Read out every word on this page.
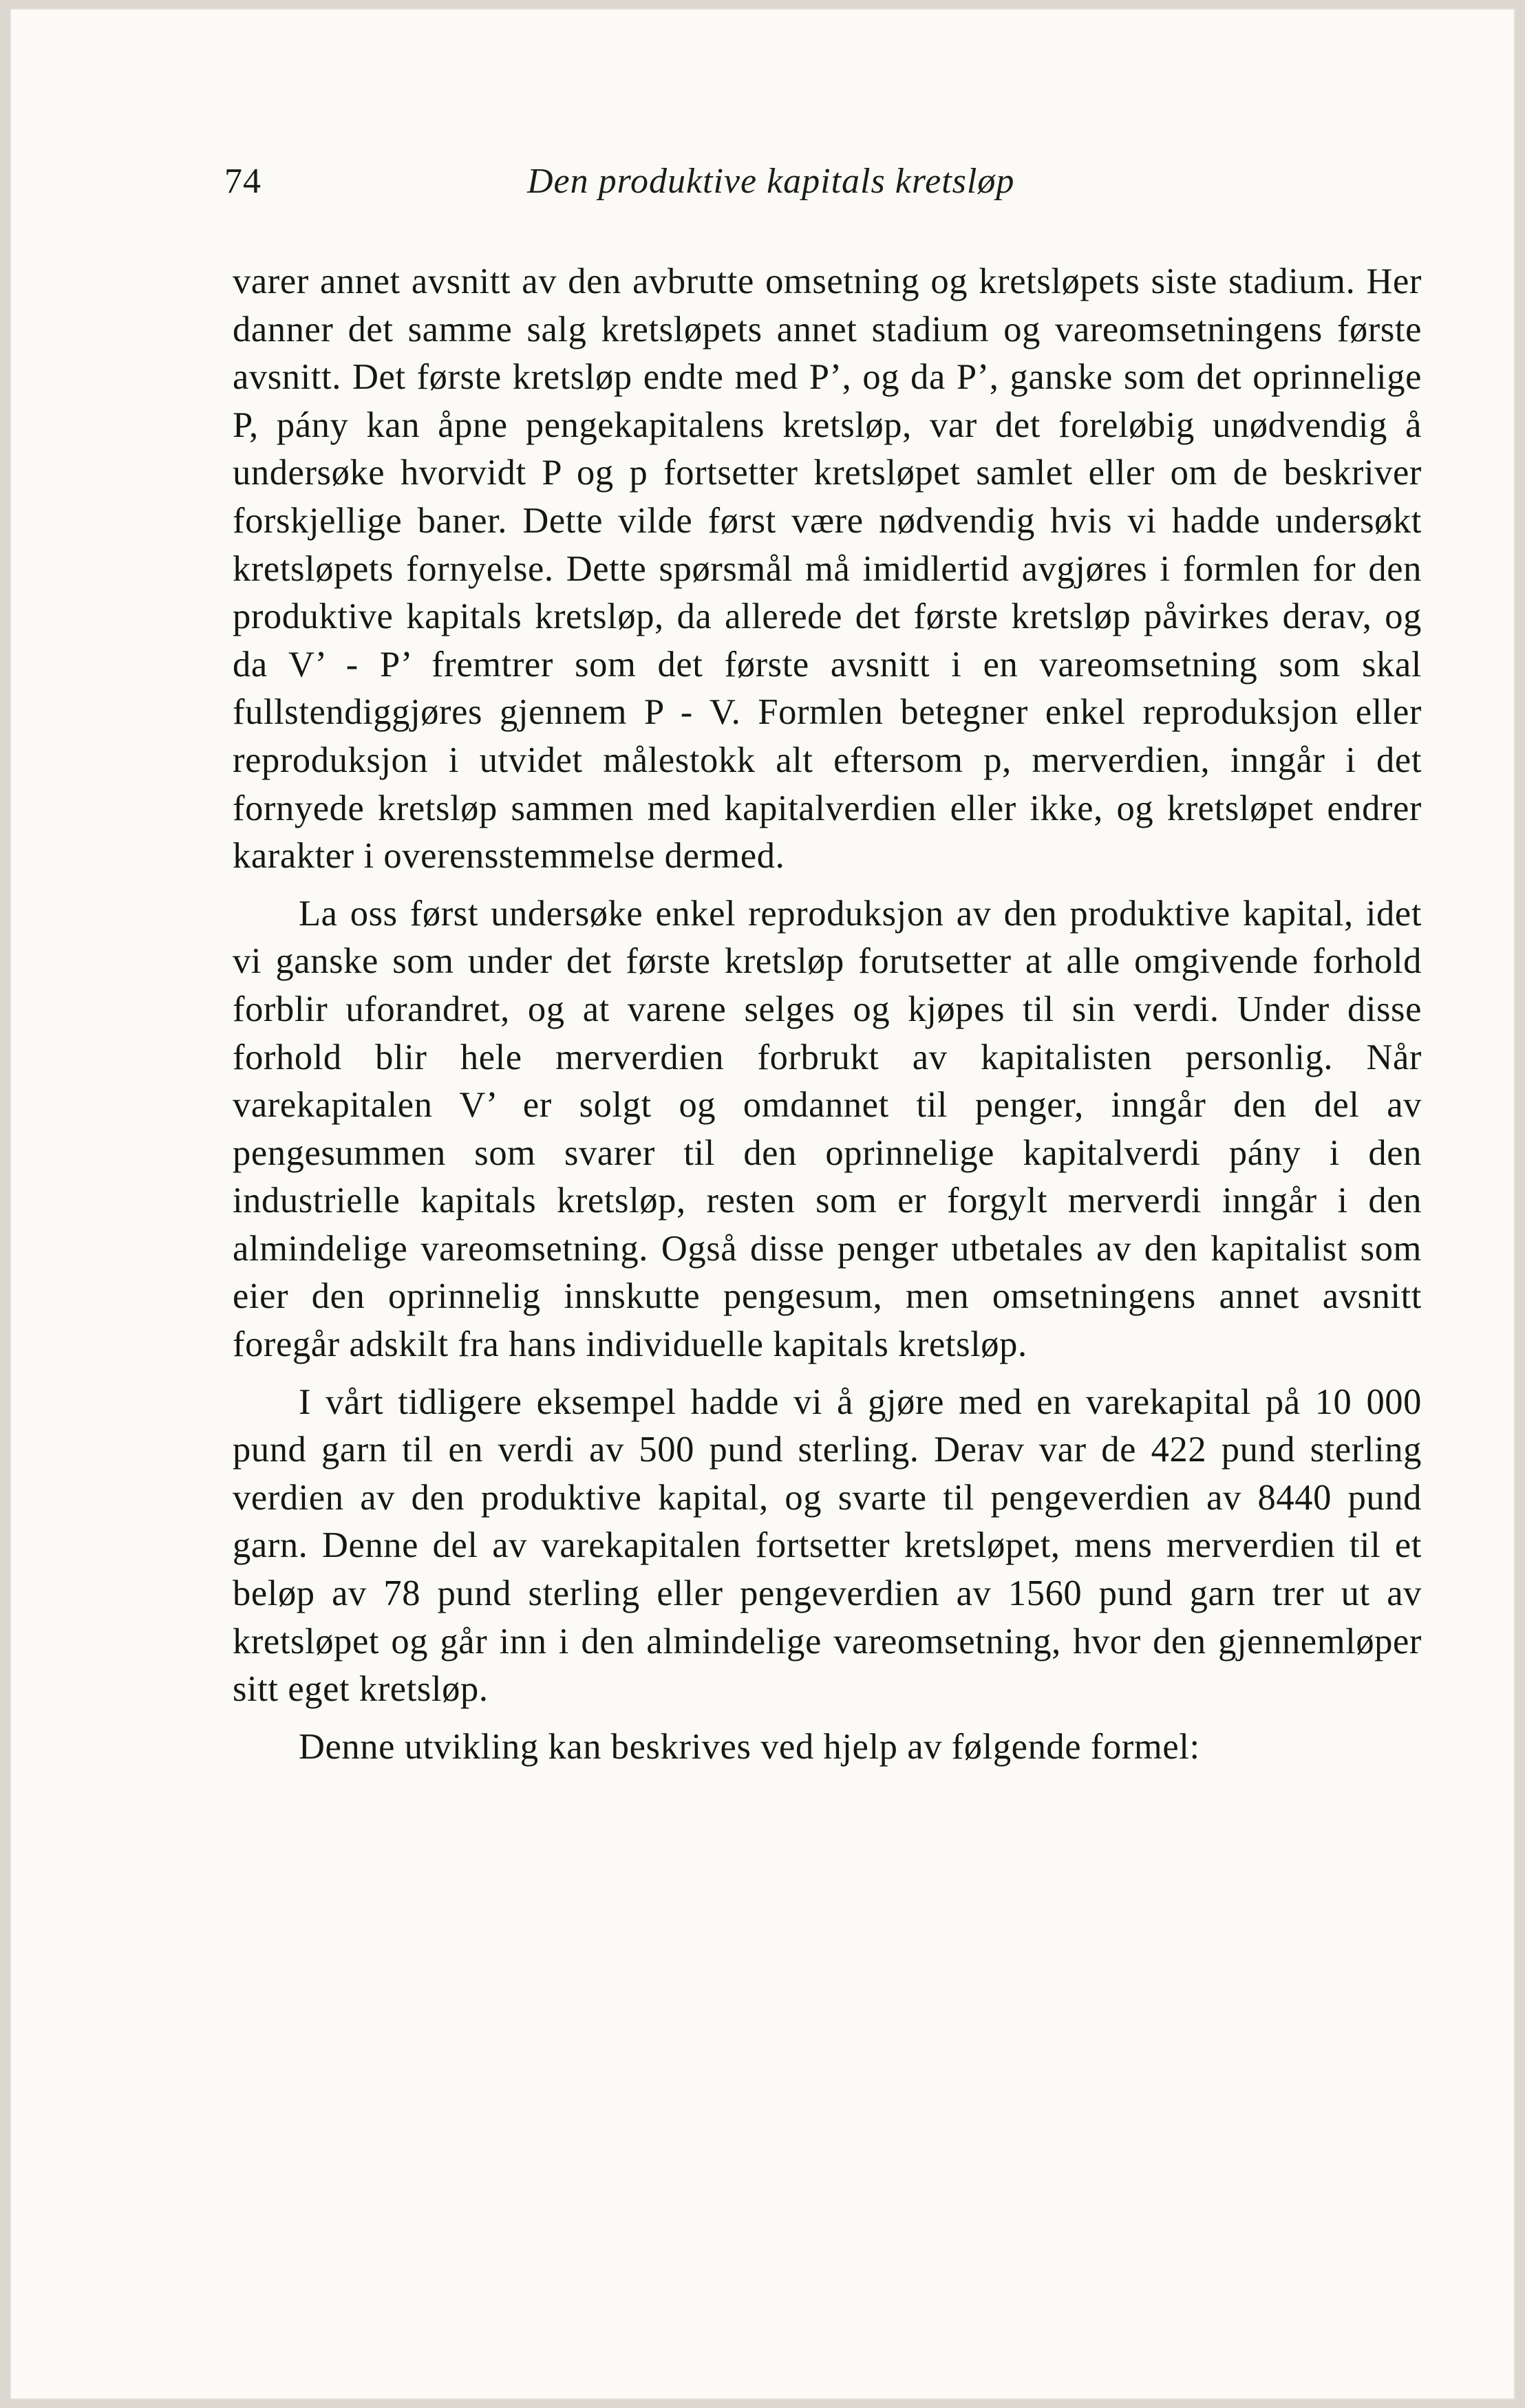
74	Den produktive kapitals kretsløp

varer annet avsnitt av den avbrutte omsetning og kretsløpets siste stadium. Her danner det samme salg kretsløpets annet stadium og vareomsetningens første avsnitt. Det første kretsløp endte med P’, og da P’, ganske som det oprinnelige P, pány kan åpne pengekapitalens kretsløp, var det foreløbig unødvendig å undersøke hvorvidt P og p fortsetter kretsløpet samlet eller om de beskriver forskjellige baner. Dette vilde først være nødvendig hvis vi hadde undersøkt kretsløpets fornyelse. Dette spørsmål må imidlertid avgjøres i formlen for den produktive kapitals kretsløp, da allerede det første kretsløp påvirkes derav, og da V’ - P’ fremtrer som det første avsnitt i en vareomsetning som skal fullstendiggjøres gjennem P - V. Formlen betegner enkel reproduksjon eller reproduksjon i utvidet målestokk alt eftersom p, merverdien, inngår i det fornyede kretsløp sammen med kapitalverdien eller ikke, og kretsløpet endrer karakter i overensstemmelse dermed.

La oss først undersøke enkel reproduksjon av den produktive kapital, idet vi ganske som under det første kretsløp forutsetter at alle omgivende forhold forblir uforandret, og at varene selges og kjøpes til sin verdi. Under disse forhold blir hele merverdien forbrukt av kapitalisten personlig. Når varekapitalen V’ er solgt og omdannet til penger, inngår den del av pengesummen som svarer til den oprinnelige kapitalverdi pány i den industrielle kapitals kretsløp, resten som er forgylt merverdi inngår i den almindelige vareomsetning. Også disse penger utbetales av den kapitalist som eier den oprinnelig innskutte pengesum, men omsetningens annet avsnitt foregår adskilt fra hans individuelle kapitals kretsløp.

I vårt tidligere eksempel hadde vi å gjøre med en varekapital på 10 000 pund garn til en verdi av 500 pund sterling. Derav var de 422 pund sterling verdien av den produktive kapital, og svarte til pengeverdien av 8440 pund garn. Denne del av varekapitalen fortsetter kretsløpet, mens merverdien til et beløp av 78 pund sterling eller pengeverdien av 1560 pund garn trer ut av kretsløpet og går inn i den almindelige vareomsetning, hvor den gjennemløper sitt eget kretsløp.

Denne utvikling kan beskrives ved hjelp av følgende formel:
